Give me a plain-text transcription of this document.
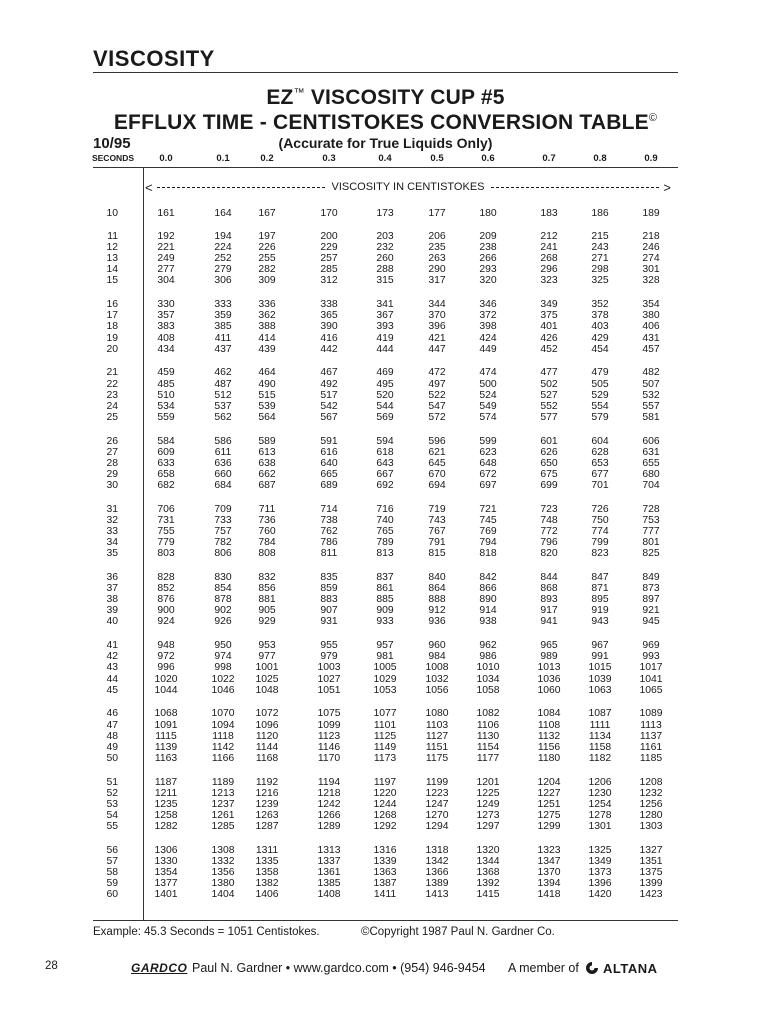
VISCOSITY
EZ™ VISCOSITY CUP #5
EFFLUX TIME - CENTISTOKES CONVERSION TABLE©
10/95	(Accurate for True Liquids Only)
SECONDS	0.0	0.1	0.2	0.3	0.4	0.5	0.6	0.7	0.8	0.9
<	VISCOSITY IN CENTISTOKES	>
10	161	164	167	170	173	177	180	183	186	189
11	192	194	197	200	203	206	209	212	215	218
12	221	224	226	229	232	235	238	241	243	246
13	249	252	255	257	260	263	266	268	271	274
14	277	279	282	285	288	290	293	296	298	301
15	304	306	309	312	315	317	320	323	325	328
16	330	333	336	338	341	344	346	349	352	354
17	357	359	362	365	367	370	372	375	378	380
18	383	385	388	390	393	396	398	401	403	406
19	408	411	414	416	419	421	424	426	429	431
20	434	437	439	442	444	447	449	452	454	457
21	459	462	464	467	469	472	474	477	479	482
22	485	487	490	492	495	497	500	502	505	507
23	510	512	515	517	520	522	524	527	529	532
24	534	537	539	542	544	547	549	552	554	557
25	559	562	564	567	569	572	574	577	579	581
26	584	586	589	591	594	596	599	601	604	606
27	609	611	613	616	618	621	623	626	628	631
28	633	636	638	640	643	645	648	650	653	655
29	658	660	662	665	667	670	672	675	677	680
30	682	684	687	689	692	694	697	699	701	704
31	706	709	711	714	716	719	721	723	726	728
32	731	733	736	738	740	743	745	748	750	753
33	755	757	760	762	765	767	769	772	774	777
34	779	782	784	786	789	791	794	796	799	801
35	803	806	808	811	813	815	818	820	823	825
36	828	830	832	835	837	840	842	844	847	849
37	852	854	856	859	861	864	866	868	871	873
38	876	878	881	883	885	888	890	893	895	897
39	900	902	905	907	909	912	914	917	919	921
40	924	926	929	931	933	936	938	941	943	945
41	948	950	953	955	957	960	962	965	967	969
42	972	974	977	979	981	984	986	989	991	993
43	996	998	1001	1003	1005	1008	1010	1013	1015	1017
44	1020	1022	1025	1027	1029	1032	1034	1036	1039	1041
45	1044	1046	1048	1051	1053	1056	1058	1060	1063	1065
46	1068	1070	1072	1075	1077	1080	1082	1084	1087	1089
47	1091	1094	1096	1099	1101	1103	1106	1108	1111	1113
48	1115	1118	1120	1123	1125	1127	1130	1132	1134	1137
49	1139	1142	1144	1146	1149	1151	1154	1156	1158	1161
50	1163	1166	1168	1170	1173	1175	1177	1180	1182	1185
51	1187	1189	1192	1194	1197	1199	1201	1204	1206	1208
52	1211	1213	1216	1218	1220	1223	1225	1227	1230	1232
53	1235	1237	1239	1242	1244	1247	1249	1251	1254	1256
54	1258	1261	1263	1266	1268	1270	1273	1275	1278	1280
55	1282	1285	1287	1289	1292	1294	1297	1299	1301	1303
56	1306	1308	1311	1313	1316	1318	1320	1323	1325	1327
57	1330	1332	1335	1337	1339	1342	1344	1347	1349	1351
58	1354	1356	1358	1361	1363	1366	1368	1370	1373	1375
59	1377	1380	1382	1385	1387	1389	1392	1394	1396	1399
60	1401	1404	1406	1408	1411	1413	1415	1418	1420	1423
Example: 45.3 Seconds = 1051 Centistokes.	©Copyright 1987 Paul N. Gardner Co.
28	GARDCO Paul N. Gardner • www.gardco.com • (954) 946-9454 A member of ALTANA
